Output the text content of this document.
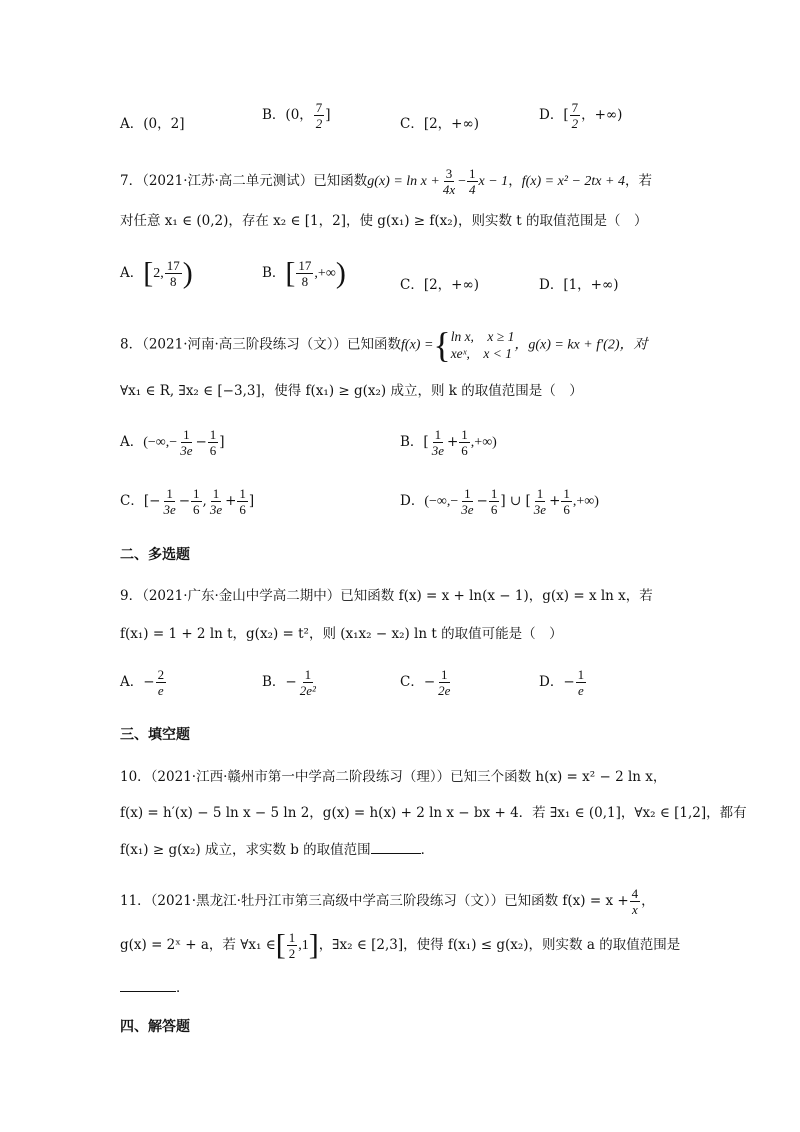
A．(0，2]
B．(0， $\frac{7}{2}$ ]
C．[2，+∞)
D．[ $\frac{7}{2}$ ，+∞)
7．（2021·江苏·高二单元测试）已知函数$g(x) = \ln x + \frac{3}{4x} - \frac{1}{4}$ x − 1，f(x) = x² − 2tx + 4，若
对任意 x₁ ∈ (0,2)，存在 x₂ ∈ [1，2]，使 g(x₁) ≥ f(x₂)，则实数 t 的取值范围是（　）
A．[2, $\frac{17}{8}$ )	B．[ $\frac{17}{8}$ ,+∞)	C．[2，+∞)	D．[1，+∞)
8．（2021·河南·高三阶段练习（文））已知函数f(x) ={ ln x,　x ≥ 1
xeˣ,　x < 1
，g(x) = kx + f′(2)，对
∀x₁ ∈ R, ∃x₂ ∈ [−3,3]，使得 f(x₁) ≥ g(x₂) 成立，则 k 的取值范围是（　）
A．(−∞,− $\frac{1}{3e} - \frac{1}{6}$ ]	B．[ $\frac{1}{3e} + \frac{1}{6}$ ,+∞)
C．[− $\frac{1}{3e} - \frac{1}{6}$ , $\frac{1}{3e} + \frac{1}{6}$ ]	D．(−∞,− $\frac{1}{3e} - \frac{1}{6}$ ] ∪ [ $\frac{1}{3e} + \frac{1}{6}$ ,+∞)
二、多选题
9．（2021·广东·金山中学高二期中）已知函数 f(x) = x + ln(x − 1)，g(x) = x ln x，若
f(x₁) = 1 + 2 ln t，g(x₂) = t²，则 (x₁x₂ − x₂) ln t 的取值可能是（　）
A．− $\frac{2}{e}$	B．− $\frac{1}{\text{2e²}}$	C．− $\frac{1}{2e}$	D．− $\frac{1}{e}$
三、填空题
10．（2021·江西·赣州市第一中学高二阶段练习（理））已知三个函数 h(x) = x² − 2 ln x，
f(x) = h′(x) − 5 ln x − 5 ln 2，g(x) = h(x) + 2 ln x − bx + 4．若 ∃x₁ ∈ (0,1]，∀x₂ ∈ [1,2]，都有
f(x₁) ≥ g(x₂) 成立，求实数 b 的取值范围	．
11．（2021·黑龙江·牡丹江市第三高级中学高三阶段练习（文））已知函数 $f(x) = x + \frac{4}{x}$ ，
g(x) = 2ˣ + a，若 ∀x₁ ∈[ $\frac{1}{2} ,1$]，∃x₂ ∈ [2,3]，使得 f(x₁) ≤ g(x₂)，则实数 a 的取值范围是
．
四、解答题
